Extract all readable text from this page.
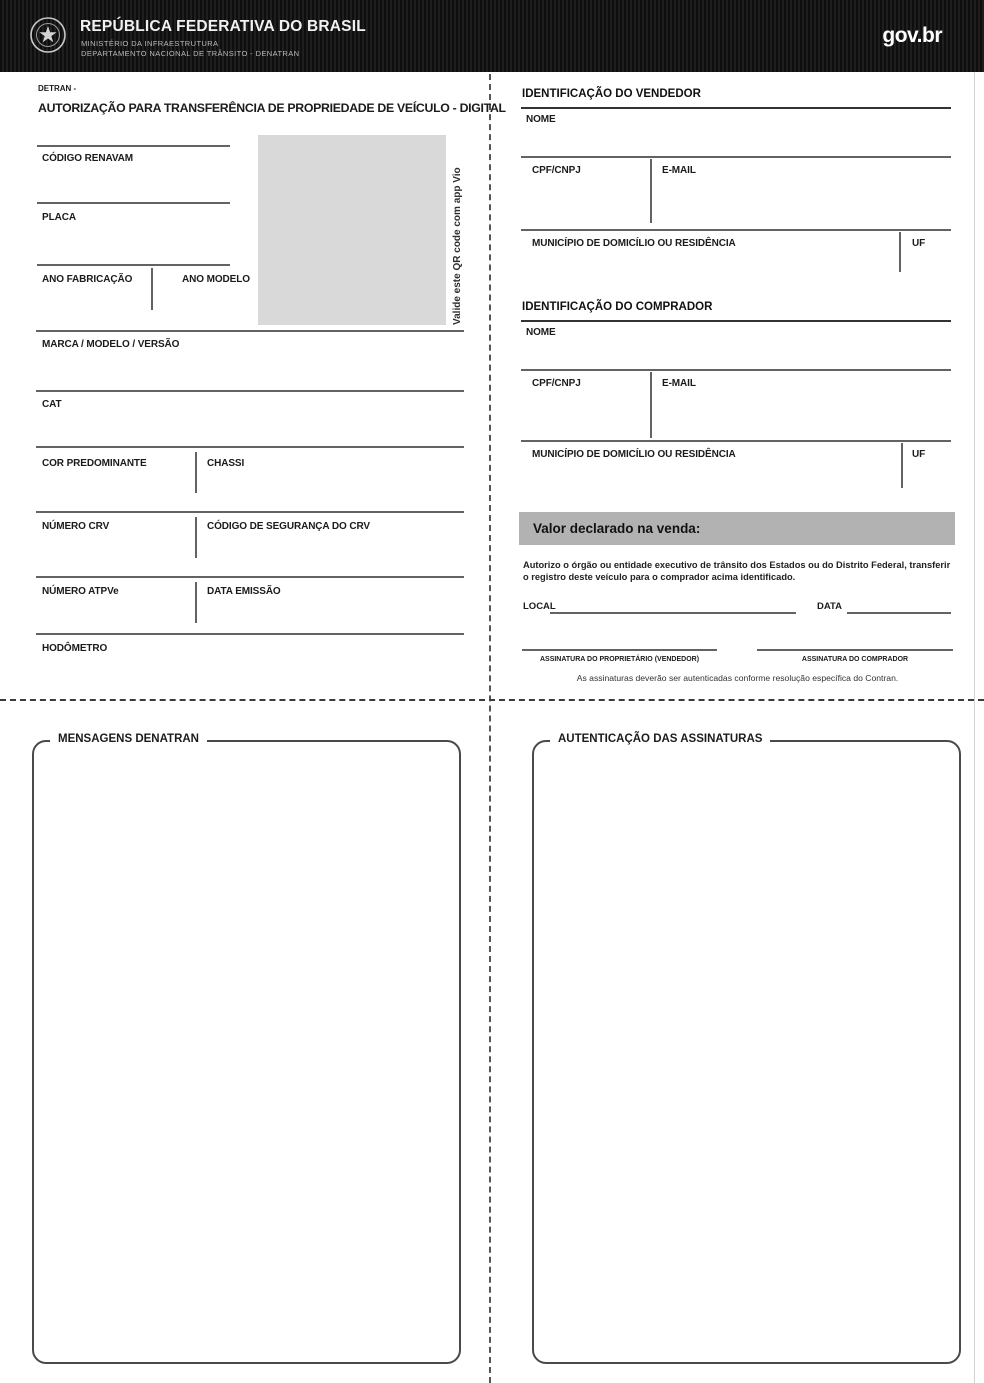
REPÚBLICA FEDERATIVA DO BRASIL
MINISTÉRIO DA INFRAESTRUTURA
DEPARTAMENTO NACIONAL DE TRÂNSITO - DENATRAN
gov.br
DETRAN -
AUTORIZAÇÃO PARA TRANSFERÊNCIA DE PROPRIEDADE DE VEÍCULO - DIGITAL
CÓDIGO RENAVAM
PLACA
ANO FABRICAÇÃO	ANO MODELO	Valide este QR code com app Vio
MARCA / MODELO / VERSÃO
CAT
COR PREDOMINANTE	CHASSI
NÚMERO CRV	CÓDIGO DE SEGURANÇA DO CRV
NÚMERO ATPVe	DATA EMISSÃO
HODÔMETRO
IDENTIFICAÇÃO DO VENDEDOR
NOME
CPF/CNPJ	E-MAIL
MUNICÍPIO DE DOMICÍLIO OU RESIDÊNCIA	UF
IDENTIFICAÇÃO DO COMPRADOR
NOME
CPF/CNPJ	E-MAIL
MUNICÍPIO DE DOMICÍLIO OU RESIDÊNCIA	UF
Valor declarado na venda:
Autorizo o órgão ou entidade executivo de trânsito dos Estados ou do Distrito Federal, transferir o registro deste veículo para o comprador acima identificado.
LOCAL	DATA
ASSINATURA DO PROPRIETÁRIO (VENDEDOR)	ASSINATURA DO COMPRADOR
As assinaturas deverão ser autenticadas conforme resolução específica do Contran.
MENSAGENS DENATRAN	AUTENTICAÇÃO DAS ASSINATURAS
